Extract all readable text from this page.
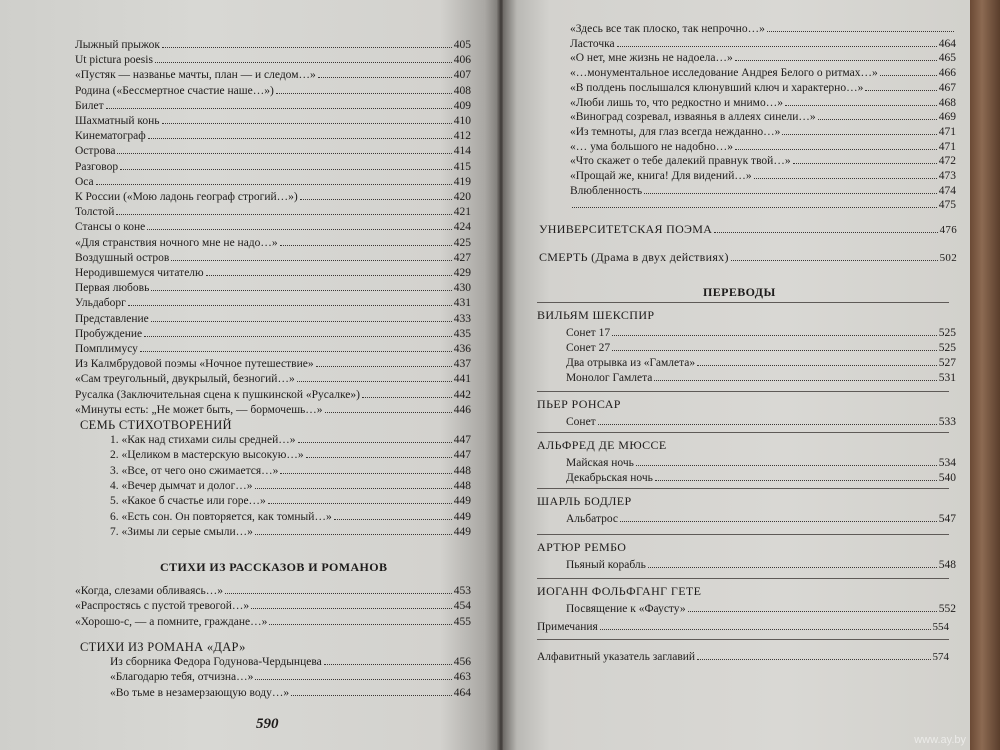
Лыжный прыжок	405
Ut pictura poesis	406
«Пустяк — названье мачты, план — и следом…»	407
Родина («Бессмертное счастие наше…»)	408
Билет	409
Шахматный конь	410
Кинематограф	412
Острова	414
Разговор	415
Оса	419
К России («Мою ладонь географ строгий…»)	420
Толстой	421
Стансы о коне	424
«Для странствия ночного мне не надо…»	425
Воздушный остров	427
Неродившемуся читателю	429
Первая любовь	430
Ульдаборг	431
Представление	433
Пробуждение	435
Помплимусу	436
Из Калмбрудовой поэмы «Ночное путешествие»	437
«Сам треугольный, двукрылый, безногий…»	441
Русалка (Заключительная сцена к пушкинской «Русалке»)	442
«Минуты есть: „Не может быть, — бормочешь…»	446
СЕМЬ СТИХОТВОРЕНИЙ
1. «Как над стихами силы средней…»	447
2. «Целиком в мастерскую высокую…»	447
3. «Все, от чего оно сжимается…»	448
4. «Вечер дымчат и долог…»	448
5. «Какое б счастье или горе…»	449
6. «Есть сон. Он повторяется, как томный…»	449
7. «Зимы ли серые смыли…»	449
СТИХИ ИЗ РАССКАЗОВ И РОМАНОВ
«Когда, слезами обливаясь…»	453
«Распростясь с пустой тревогой…»	454
«Хорошо-с, — а помните, граждане…»	455
СТИХИ ИЗ РОМАНА «ДАР»
Из сборника Федора Годунова-Чердынцева	456
«Благодарю тебя, отчизна…»	463
«Во тьме в незамерзающую воду…»	464
590
«Здесь все так плоско, так непрочно…»
Ласточка	464
«О нет, мне жизнь не надоела…»	465
«…монументальное исследование Андрея Белого о ритмах…»	466
«В полдень послышался клюнувший ключ и характерно…»	467
«Люби лишь то, что редкостно и мнимо…»	468
«Виноград созревал, изваянья в аллеях синели…»	469
«Из темноты, для глаз всегда нежданно…»	471
«… ума большого не надобно…»	471
«Что скажет о тебе далекий правнук твой…»	472
«Прощай же, книга! Для видений…»	473
Влюбленность	474
475
УНИВЕРСИТЕТСКАЯ ПОЭМА	476
СМЕРТЬ (Драма в двух действиях)	502
ПЕРЕВОДЫ
ВИЛЬЯМ ШЕКСПИР
Сонет 17	525
Сонет 27	525
Два отрывка из «Гамлета»	527
Монолог Гамлета	531
ПЬЕР РОНСАР
Сонет	533
АЛЬФРЕД ДЕ МЮССЕ
Майская ночь	534
Декабрьская ночь	540
ШАРЛЬ БОДЛЕР
Альбатрос	547
АРТЮР РЕМБО
Пьяный корабль	548
ИОГАНН ФОЛЬФГАНГ ГЕТЕ
Посвящение к «Фаусту»	552
Примечания	554
Алфавитный указатель заглавий	574
www.ay.by
